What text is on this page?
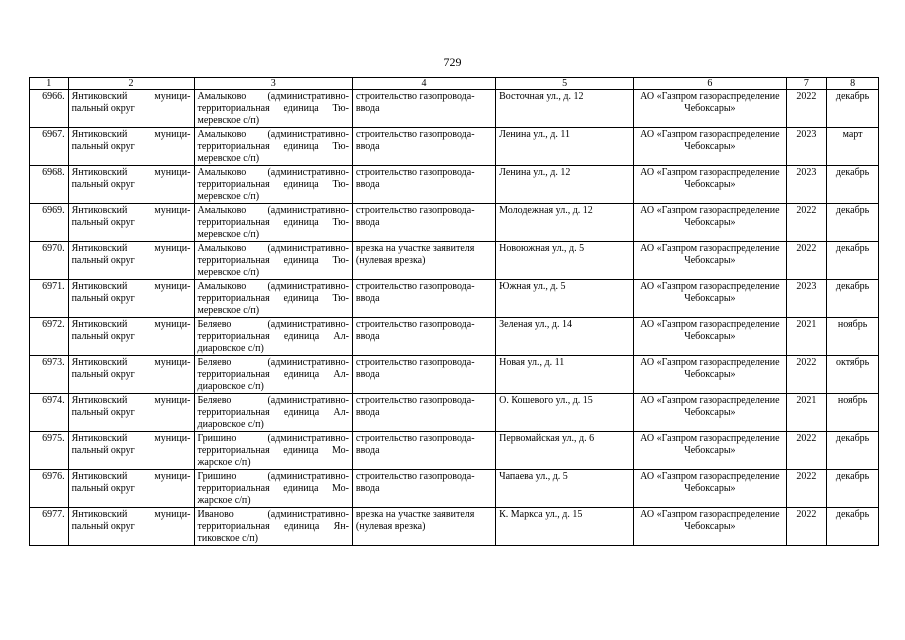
729
1	2	3	4	5	6	7	8
6966.	Янтиковский муници-пальный округ	Амалыково (административно-территориальная единица Тю-меревское с/п)	строительство газопровода-ввода	Восточная ул., д. 12	АО «Газпром газораспределение Чебоксары»	2022	декабрь
6967.	Янтиковский муници-пальный округ	Амалыково (административно-территориальная единица Тю-меревское с/п)	строительство газопровода-ввода	Ленина ул., д. 11	АО «Газпром газораспределение Чебоксары»	2023	март
6968.	Янтиковский муници-пальный округ	Амалыково (административно-территориальная единица Тю-меревское с/п)	строительство газопровода-ввода	Ленина ул., д. 12	АО «Газпром газораспределение Чебоксары»	2023	декабрь
6969.	Янтиковский муници-пальный округ	Амалыково (административно-территориальная единица Тю-меревское с/п)	строительство газопровода-ввода	Молодежная ул., д. 12	АО «Газпром газораспределение Чебоксары»	2022	декабрь
6970.	Янтиковский муници-пальный округ	Амалыково (административно-территориальная единица Тю-меревское с/п)	врезка на участке заявителя (нулевая врезка)	Новоюжная ул., д. 5	АО «Газпром газораспределение Чебоксары»	2022	декабрь
6971.	Янтиковский муници-пальный округ	Амалыково (административно-территориальная единица Тю-меревское с/п)	строительство газопровода-ввода	Южная ул., д. 5	АО «Газпром газораспределение Чебоксары»	2023	декабрь
6972.	Янтиковский муници-пальный округ	Беляево (административно-территориальная единица Ал-диаровское с/п)	строительство газопровода-ввода	Зеленая ул., д. 14	АО «Газпром газораспределение Чебоксары»	2021	ноябрь
6973.	Янтиковский муници-пальный округ	Беляево (административно-территориальная единица Ал-диаровское с/п)	строительство газопровода-ввода	Новая ул., д. 11	АО «Газпром газораспределение Чебоксары»	2022	октябрь
6974.	Янтиковский муници-пальный округ	Беляево (административно-территориальная единица Ал-диаровское с/п)	строительство газопровода-ввода	О. Кошевого ул., д. 15	АО «Газпром газораспределение Чебоксары»	2021	ноябрь
6975.	Янтиковский муници-пальный округ	Гришино (административно-территориальная единица Мо-жарское с/п)	строительство газопровода-ввода	Первомайская ул., д. 6	АО «Газпром газораспределение Чебоксары»	2022	декабрь
6976.	Янтиковский муници-пальный округ	Гришино (административно-территориальная единица Мо-жарское с/п)	строительство газопровода-ввода	Чапаева ул., д. 5	АО «Газпром газораспределение Чебоксары»	2022	декабрь
6977.	Янтиковский муници-пальный округ	Иваново (административно-территориальная единица Ян-тиковское с/п)	врезка на участке заявителя (нулевая врезка)	К. Маркса ул., д. 15	АО «Газпром газораспределение Чебоксары»	2022	декабрь
